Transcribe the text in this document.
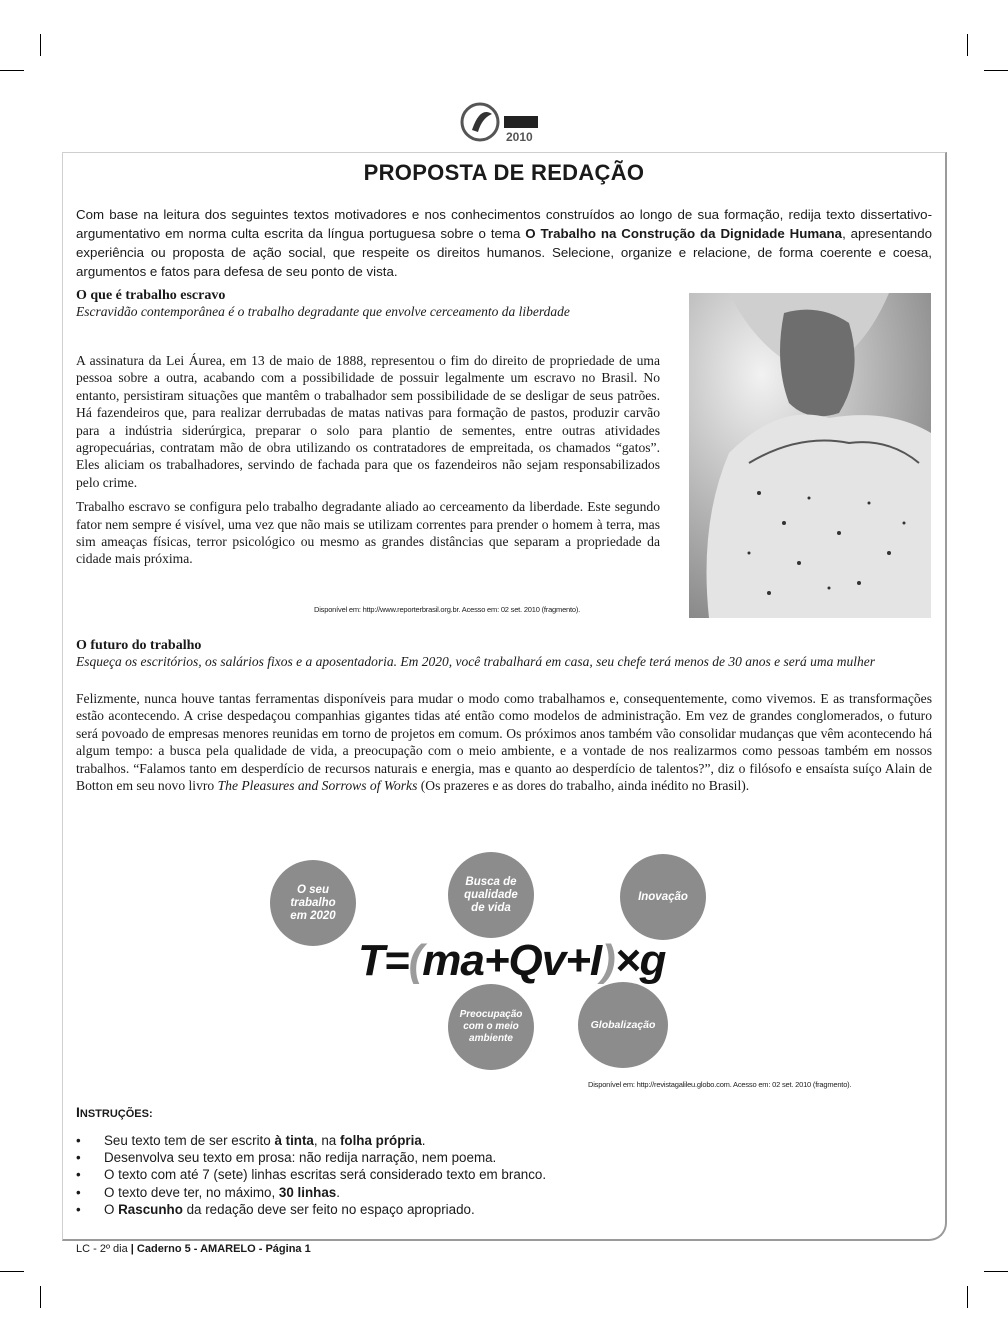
2010
PROPOSTA DE REDAÇÃO

Com base na leitura dos seguintes textos motivadores e nos conhecimentos construídos ao longo de sua formação, redija texto dissertativo-argumentativo em norma culta escrita da língua portuguesa sobre o tema O Trabalho na Construção da Dignidade Humana, apresentando experiência ou proposta de ação social, que respeite os direitos humanos. Selecione, organize e relacione, de forma coerente e coesa, argumentos e fatos para defesa de seu ponto de vista.

O que é trabalho escravo
Escravidão contemporânea é o trabalho degradante que envolve cerceamento da liberdade

A assinatura da Lei Áurea, em 13 de maio de 1888, representou o fim do direito de propriedade de uma pessoa sobre a outra, acabando com a possibilidade de possuir legalmente um escravo no Brasil. No entanto, persistiram situações que mantêm o trabalhador sem possibilidade de se desligar de seus patrões. Há fazendeiros que, para realizar derrubadas de matas nativas para formação de pastos, produzir carvão para a indústria siderúrgica, preparar o solo para plantio de sementes, entre outras atividades agropecuárias, contratam mão de obra utilizando os contratadores de empreitada, os chamados “gatos”. Eles aliciam os trabalhadores, servindo de fachada para que os fazendeiros não sejam responsabilizados pelo crime.

Trabalho escravo se configura pelo trabalho degradante aliado ao cerceamento da liberdade. Este segundo fator nem sempre é visível, uma vez que não mais se utilizam correntes para prender o homem à terra, mas sim ameaças físicas, terror psicológico ou mesmo as grandes distâncias que separam a propriedade da cidade mais próxima.

Disponível em: http://www.reporterbrasil.org.br. Acesso em: 02 set. 2010 (fragmento).
O futuro do trabalho
Esqueça os escritórios, os salários fixos e a aposentadoria. Em 2020, você trabalhará em casa, seu chefe terá menos de 30 anos e será uma mulher

Felizmente, nunca houve tantas ferramentas disponíveis para mudar o modo como trabalhamos e, consequentemente, como vivemos. E as transformações estão acontecendo. A crise despedaçou companhias gigantes tidas até então como modelos de administração. Em vez de grandes conglomerados, o futuro será povoado de empresas menores reunidas em torno de projetos em comum. Os próximos anos também vão consolidar mudanças que vêm acontecendo há algum tempo: a busca pela qualidade de vida, a preocupação com o meio ambiente, e a vontade de nos realizarmos como pessoas também em nossos trabalhos. “Falamos tanto em desperdício de recursos naturais e energia, mas e quanto ao desperdício de talentos?”, diz o filósofo e ensaísta suíço Alain de Botton em seu novo livro The Pleasures and Sorrows of Works (Os prazeres e as dores do trabalho, ainda inédito no Brasil).

O seu trabalho em 2020
Busca de qualidade de vida
Inovação
Preocupação com o meio ambiente
Globalização
T=(ma+Qv+I)×g
Disponível em: http://revistagalileu.globo.com. Acesso em: 02 set. 2010 (fragmento).
INSTRUÇÕES:
• Seu texto tem de ser escrito à tinta, na folha própria.
• Desenvolva seu texto em prosa: não redija narração, nem poema.
• O texto com até 7 (sete) linhas escritas será considerado texto em branco.
• O texto deve ter, no máximo, 30 linhas.
• O Rascunho da redação deve ser feito no espaço apropriado.
LC - 2º dia | Caderno 5 - AMARELO - Página 1
